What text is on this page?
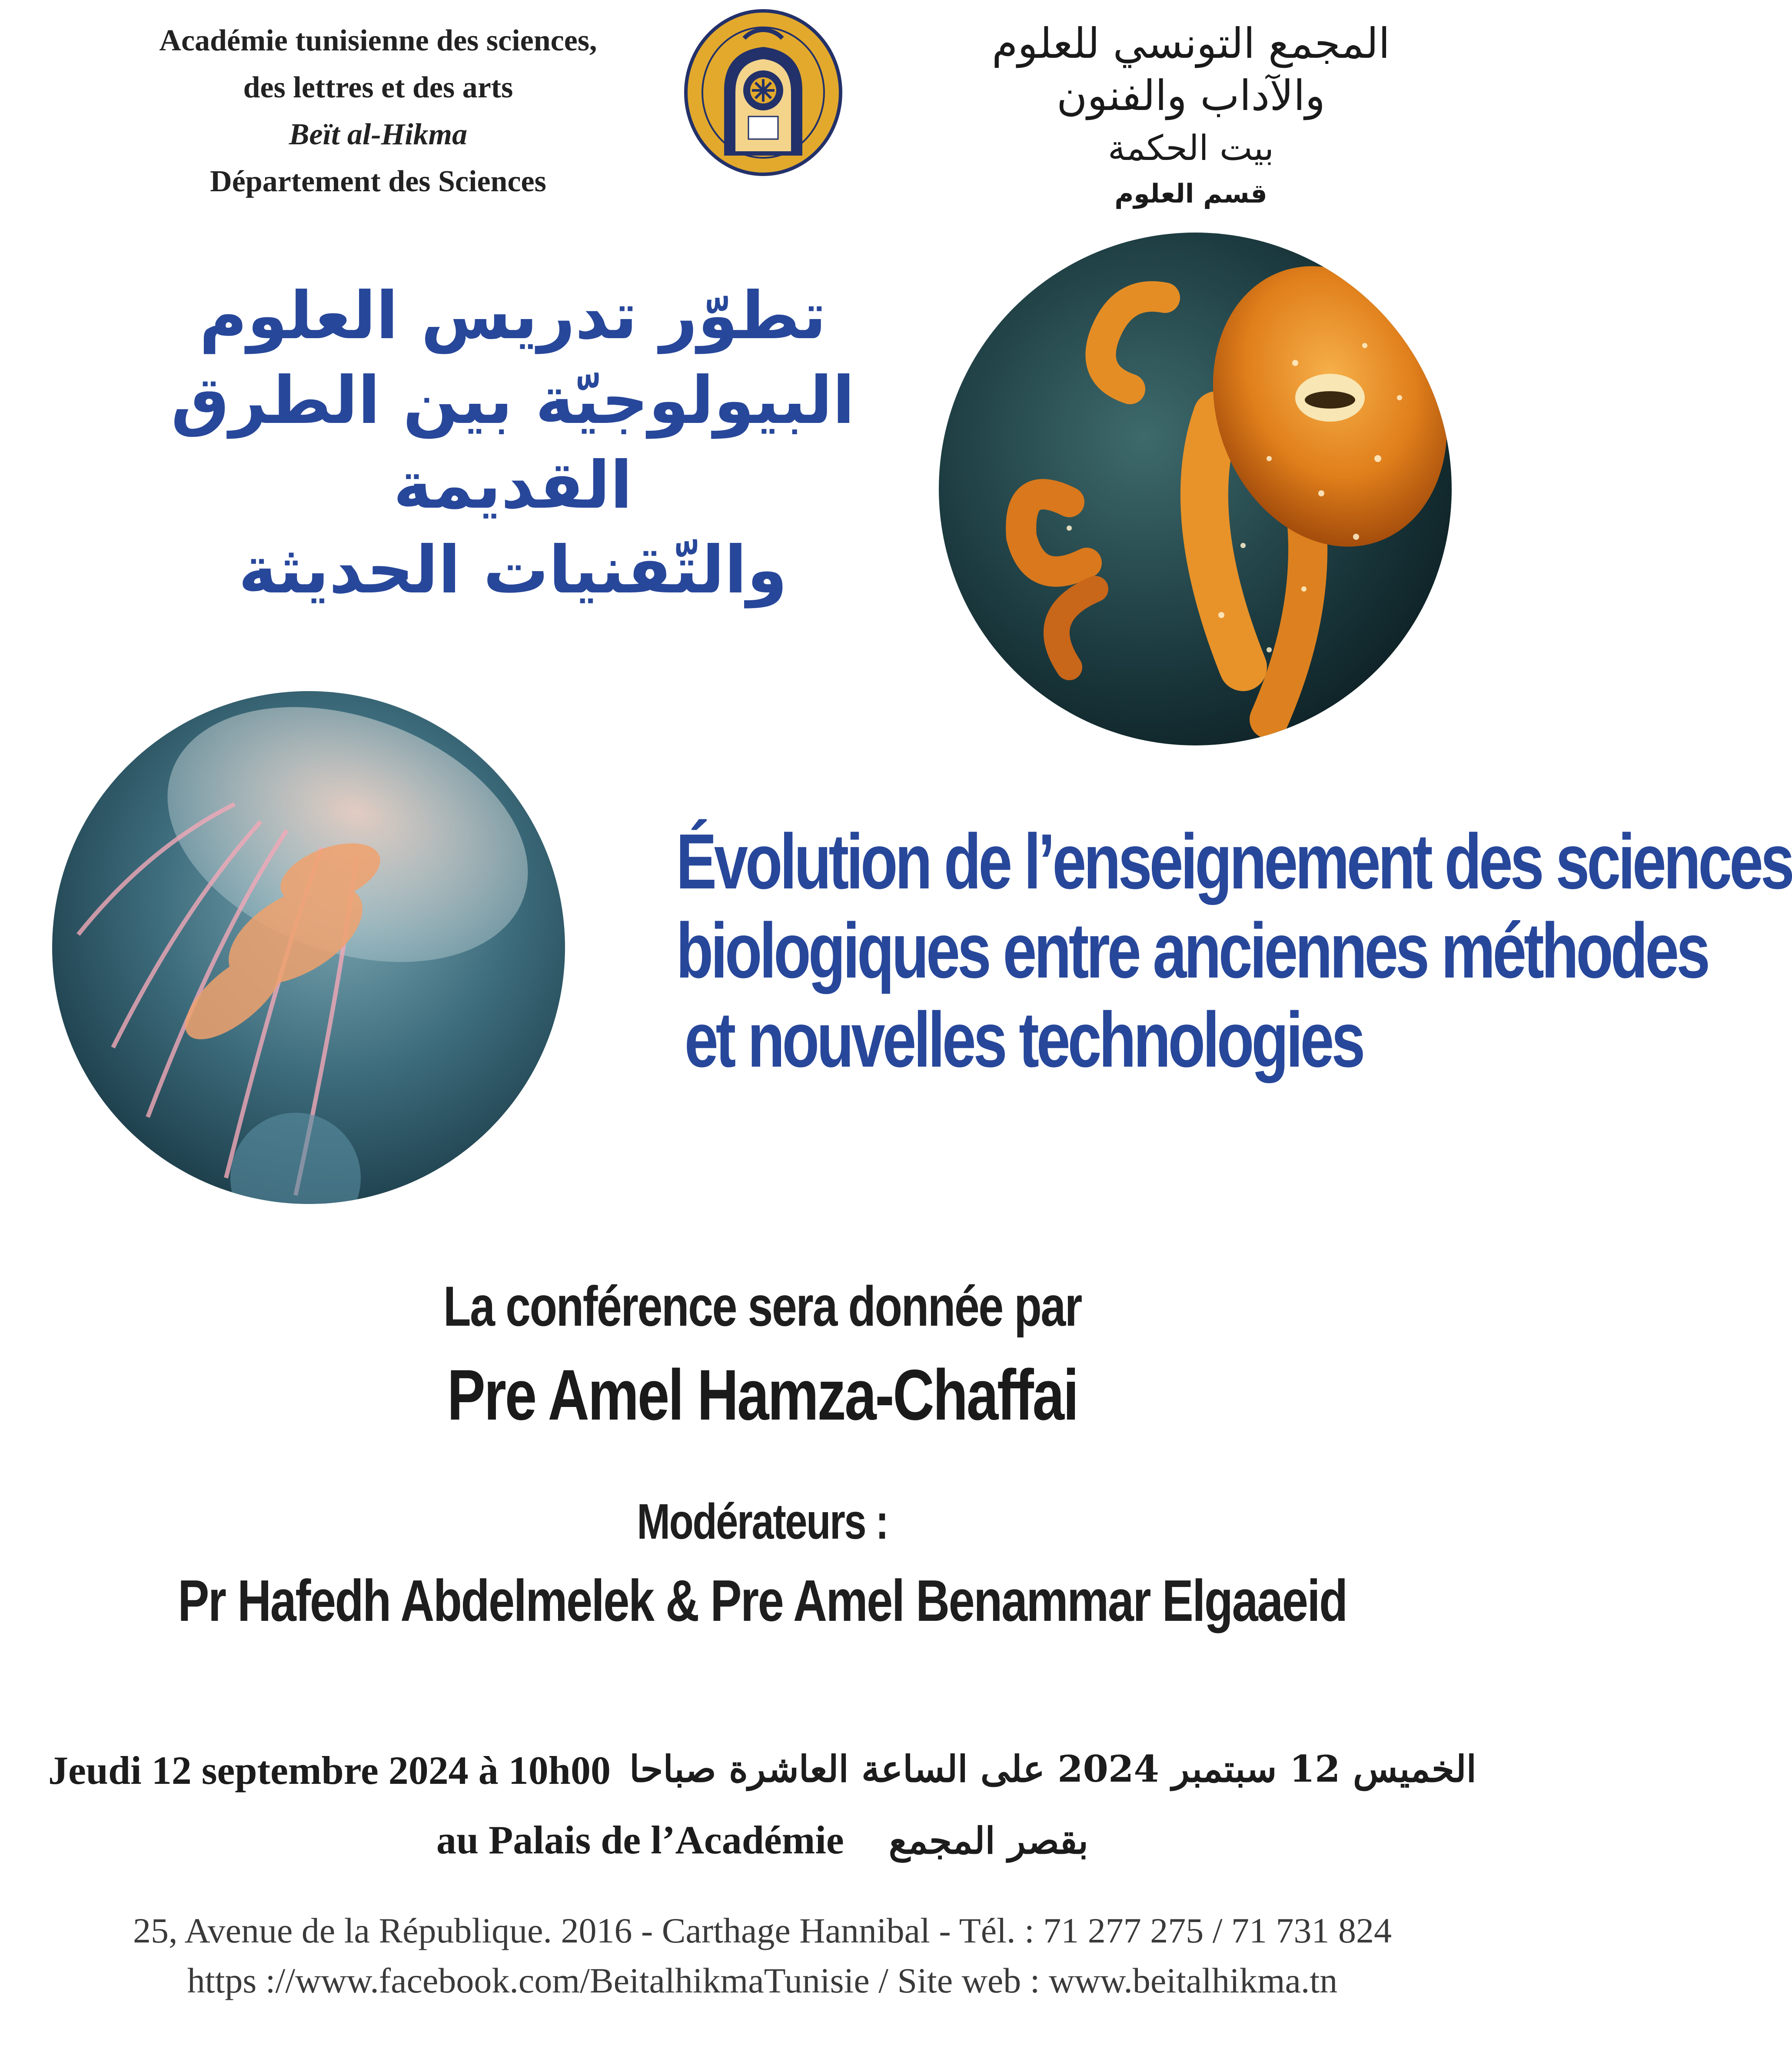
Académie tunisienne des sciences,
des lettres et des arts
Beït al-Hikma
Département des Sciences
المجمع التونسي للعلوم والآداب والفنون
بيت الحكمة
قسم العلوم
تطوّر تدريس العلوم
البيولوجيّة بين الطرق القديمة
والتّقنيات الحديثة
Évolution de l’enseignement des sciences
biologiques entre anciennes méthodes
et nouvelles technologies
La conférence sera donnée par
Pre Amel Hamza-Chaffai
Modérateurs :
Pr Hafedh Abdelmelek & Pre Amel Benammar Elgaaeid
Jeudi 12 septembre 2024 à 10h00 الخميس 12 سبتمبر 2024 على الساعة العاشرة صباحا
au Palais de l’Académie بقصر المجمع
25, Avenue de la République. 2016 - Carthage Hannibal - Tél. : 71 277 275 / 71 731 824
https ://www.facebook.com/BeitalhikmaTunisie / Site web : www.beitalhikma.tn
